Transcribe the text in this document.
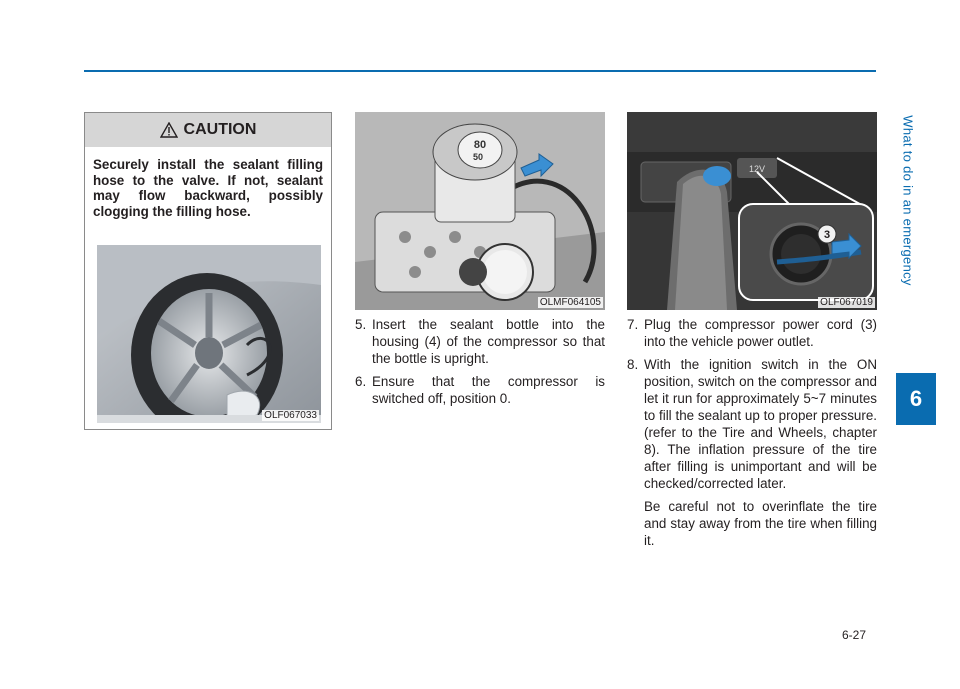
What to do in an emergency
6
CAUTION
Securely install the sealant filling hose to the valve. If not, sealant may flow backward, possibly clogging the filling hose.
OLF067033
80
50
OLMF064105
12V
3
OLF067019
5. Insert the sealant bottle into the housing (4) of the compressor so that the bottle is upright.
6. Ensure that the compressor is switched off, position 0.
7. Plug the compressor power cord (3) into the vehicle power outlet.
8. With the ignition switch in the ON position, switch on the compressor and let it run for approximately 5~7 minutes to fill the sealant up to proper pressure. (refer to the Tire and Wheels, chapter 8). The inflation pressure of the tire after filling is unimportant and will be checked/corrected later.
Be careful not to overinflate the tire and stay away from the tire when filling it.
6-27
